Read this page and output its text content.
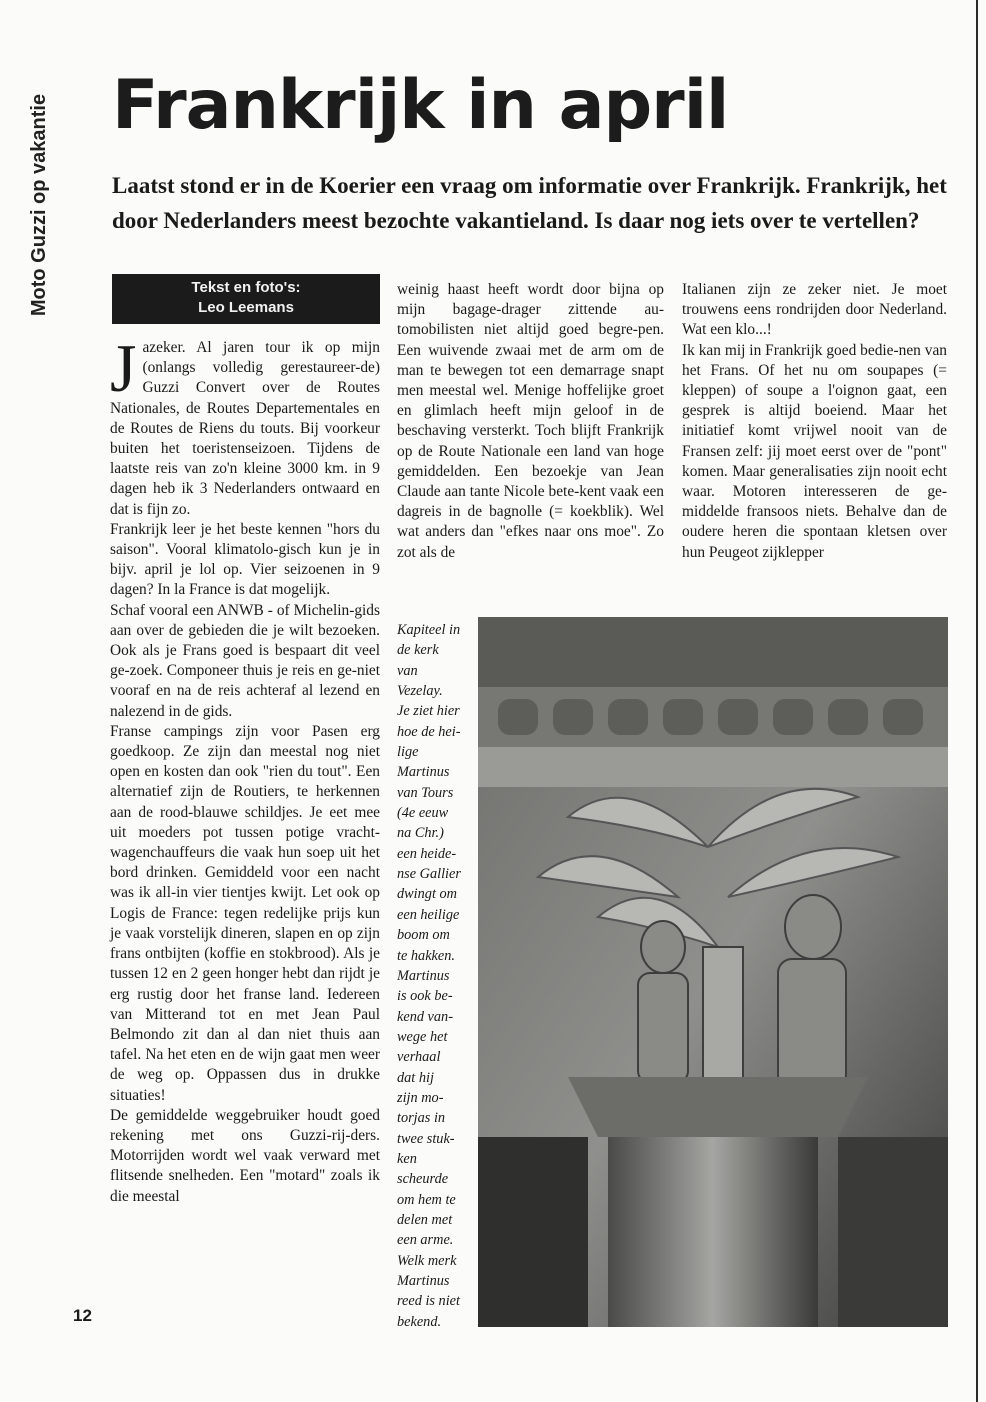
Moto Guzzi op vakantie Frankrijk in april

Laatst stond er in de Koerier een vraag om informatie over Frankrijk. Frankrijk, het door Nederlanders meest bezochte vakantieland. Is daar nog iets over te vertellen?

Tekst en foto's:
Leo Leemans

Jazeker. Al jaren tour ik op mijn (onlangs volledig gerestaureer-de) Guzzi Convert over de Routes Nationales, de Routes Departementales en de Routes de Riens du touts. Bij voorkeur buiten het toeristenseizoen. Tijdens de laatste reis van zo'n kleine 3000 km. in 9 dagen heb ik 3 Nederlanders ontwaard en dat is fijn zo.

Frankrijk leer je het beste kennen "hors du saison". Vooral klimatolo-gisch kun je in bijv. april je lol op. Vier seizoenen in 9 dagen? In la France is dat mogelijk.

Schaf vooral een ANWB - of Michelin-gids aan over de gebieden die je wilt bezoeken. Ook als je Frans goed is bespaart dit veel ge-zoek. Componeer thuis je reis en ge-niet vooraf en na de reis achteraf al lezend en nalezend in de gids.

Franse campings zijn voor Pasen erg goedkoop. Ze zijn dan meestal nog niet open en kosten dan ook "rien du tout". Een alternatief zijn de Routiers, te herkennen aan de rood-blauwe schildjes. Je eet mee uit moeders pot tussen potige vracht-wagenchauffeurs die vaak hun soep uit het bord drinken. Gemiddeld voor een nacht was ik all-in vier tientjes kwijt. Let ook op Logis de France: tegen redelijke prijs kun je vaak vorstelijk dineren, slapen en op zijn frans ontbijten (koffie en stokbrood). Als je tussen 12 en 2 geen honger hebt dan rijdt je erg rustig door het franse land. Iedereen van Mitterand tot en met Jean Paul Belmondo zit dan al dan niet thuis aan tafel. Na het eten en de wijn gaat men weer de weg op. Oppassen dus in drukke situaties!

De gemiddelde weggebruiker houdt goed rekening met ons Guzzi-rij-ders. Motorrijden wordt wel vaak verward met flitsende snelheden. Een "motard" zoals ik die meestal

weinig haast heeft wordt door bijna op mijn bagage-drager zittende au-tomobilisten niet altijd goed begre-pen. Een wuivende zwaai met de arm om de man te bewegen tot een demarrage snapt men meestal wel. Menige hoffelijke groet en glimlach heeft mijn geloof in de beschaving versterkt. Toch blijft Frankrijk op de Route Nationale een land van hoge gemiddelden. Een bezoekje van Jean Claude aan tante Nicole bete-kent vaak een dagreis in de bagnolle (= koekblik). Wel wat anders dan "efkes naar ons moe". Zo zot als de

Italianen zijn ze zeker niet. Je moet trouwens eens rondrijden door Nederland. Wat een klo...!

Ik kan mij in Frankrijk goed bedie-nen van het Frans. Of het nu om soupapes (= kleppen) of soupe a l'oignon gaat, een gesprek is altijd boeiend. Maar het initiatief komt vrijwel nooit van de Fransen zelf: jij moet eerst over de "pont" komen. Maar generalisaties zijn nooit echt waar. Motoren interesseren de ge-middelde fransoos niets. Behalve dan de oudere heren die spontaan kletsen over hun Peugeot zijklepper

Kapiteel in
de kerk
van
Vezelay.
Je ziet hier
hoe de hei-
lige
Martinus
van Tours
(4e eeuw
na Chr.)
een heide-
nse Gallier
dwingt om
een heilige
boom om
te hakken.
Martinus
is ook be-
kend van-
wege het
verhaal
dat hij
zijn mo-
torjas in
twee stuk-
ken
scheurde
om hem te
delen met
een arme.
Welk merk
Martinus
reed is niet
bekend.
12
